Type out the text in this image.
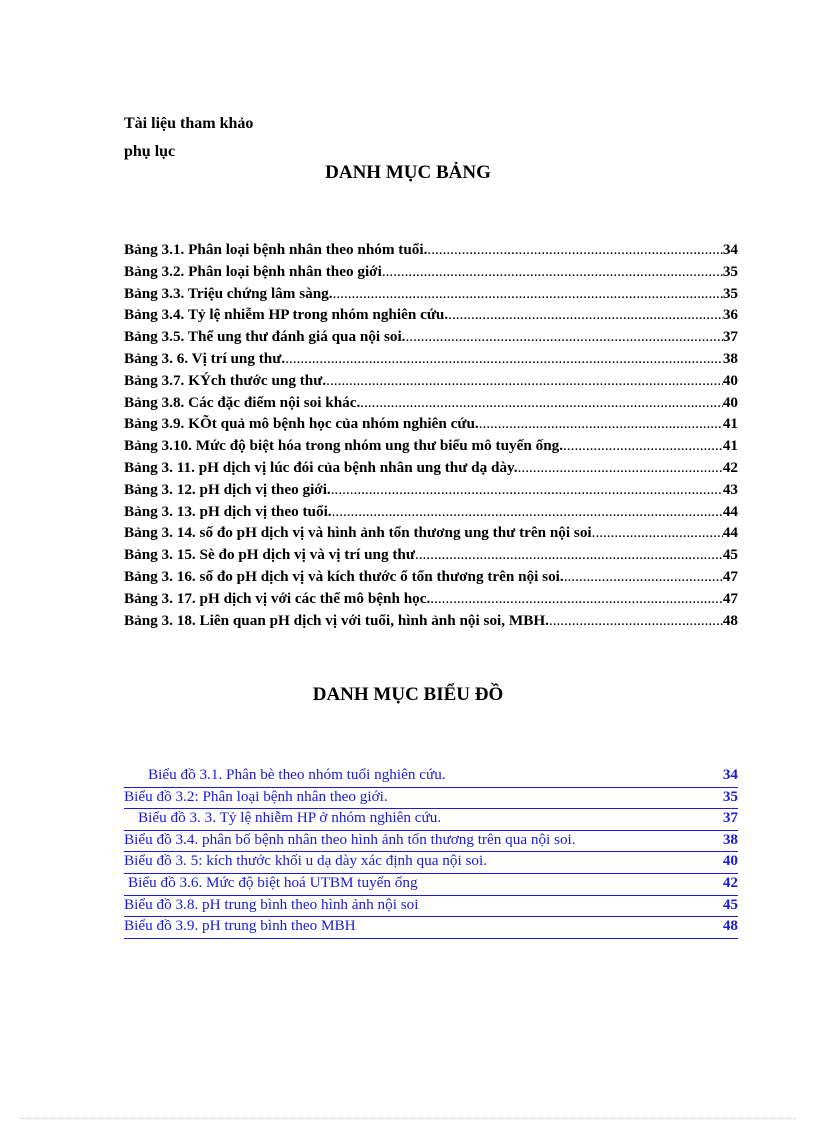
Tài liệu tham khảo
phụ lục
DANH MỤC BẢNG
Bảng 3.1. Phân loại bệnh nhân theo nhóm tuổi. .....	34
Bảng 3.2. Phân loại bệnh nhân theo giới .....	35
Bảng 3.3. Triệu chứng lâm sàng. .....	35
Bảng 3.4. Tỷ lệ nhiễm HP trong nhóm nghiên cứu. .....	36
Bảng 3.5. Thể ung thư đánh giá qua nội soi. .....	37
Bảng 3. 6. Vị trí ung thư. .....	38
Bảng 3.7. KÝch thước ung thư. .....	40
Bảng 3.8. Các đặc điểm nội soi khác. .....	40
Bảng 3.9. KÕt quả mô bệnh học của nhóm nghiên cứu. .....	41
Bảng 3.10. Mức độ biệt hóa trong nhóm ung thư biểu mô tuyến ống. .....	41
Bảng 3. 11. pH dịch vị lúc đói của bệnh nhân ung thư dạ dày. .....	42
Bảng 3. 12. pH dịch vị theo giới. .....	43
Bảng 3. 13. pH dịch vị theo tuổi. .....	44
Bảng 3. 14. số đo pH dịch vị và hình ảnh tổn thương ung thư trên nội soi .....	44
Bảng 3. 15. Sè đo pH dịch vị và vị trí ung thư .....	45
Bảng 3. 16. số đo pH dịch vị và kích thước ổ tổn thương trên nội soi. .....	47
Bảng 3. 17. pH dịch vị với các thể mô bệnh học. .....	47
Bảng 3. 18. Liên quan pH dịch vị với tuổi, hình ảnh nội soi, MBH. .....	48
DANH MỤC BIỂU ĐỒ
Biểu đồ 3.1. Phân bè theo nhóm tuổi nghiên cứu.	34
Biểu đồ 3.2: Phân loại bệnh nhân theo giới.	35
Biểu đồ 3. 3. Tỷ lệ nhiễm HP ở nhóm nghiên cứu.	37
Biểu đồ 3.4. phân bố bệnh nhân theo hình ảnh tổn thương trên qua nội soi.	38
Biểu đồ 3. 5: kích thước khối u dạ dày xác định qua nội soi.	40
Biểu đồ 3.6. Mức độ biệt hoá UTBM tuyến ống	42
Biểu đồ 3.8. pH trung bình theo hình ảnh nội soi	45
Biểu đồ 3.9. pH trung bình theo MBH	48
